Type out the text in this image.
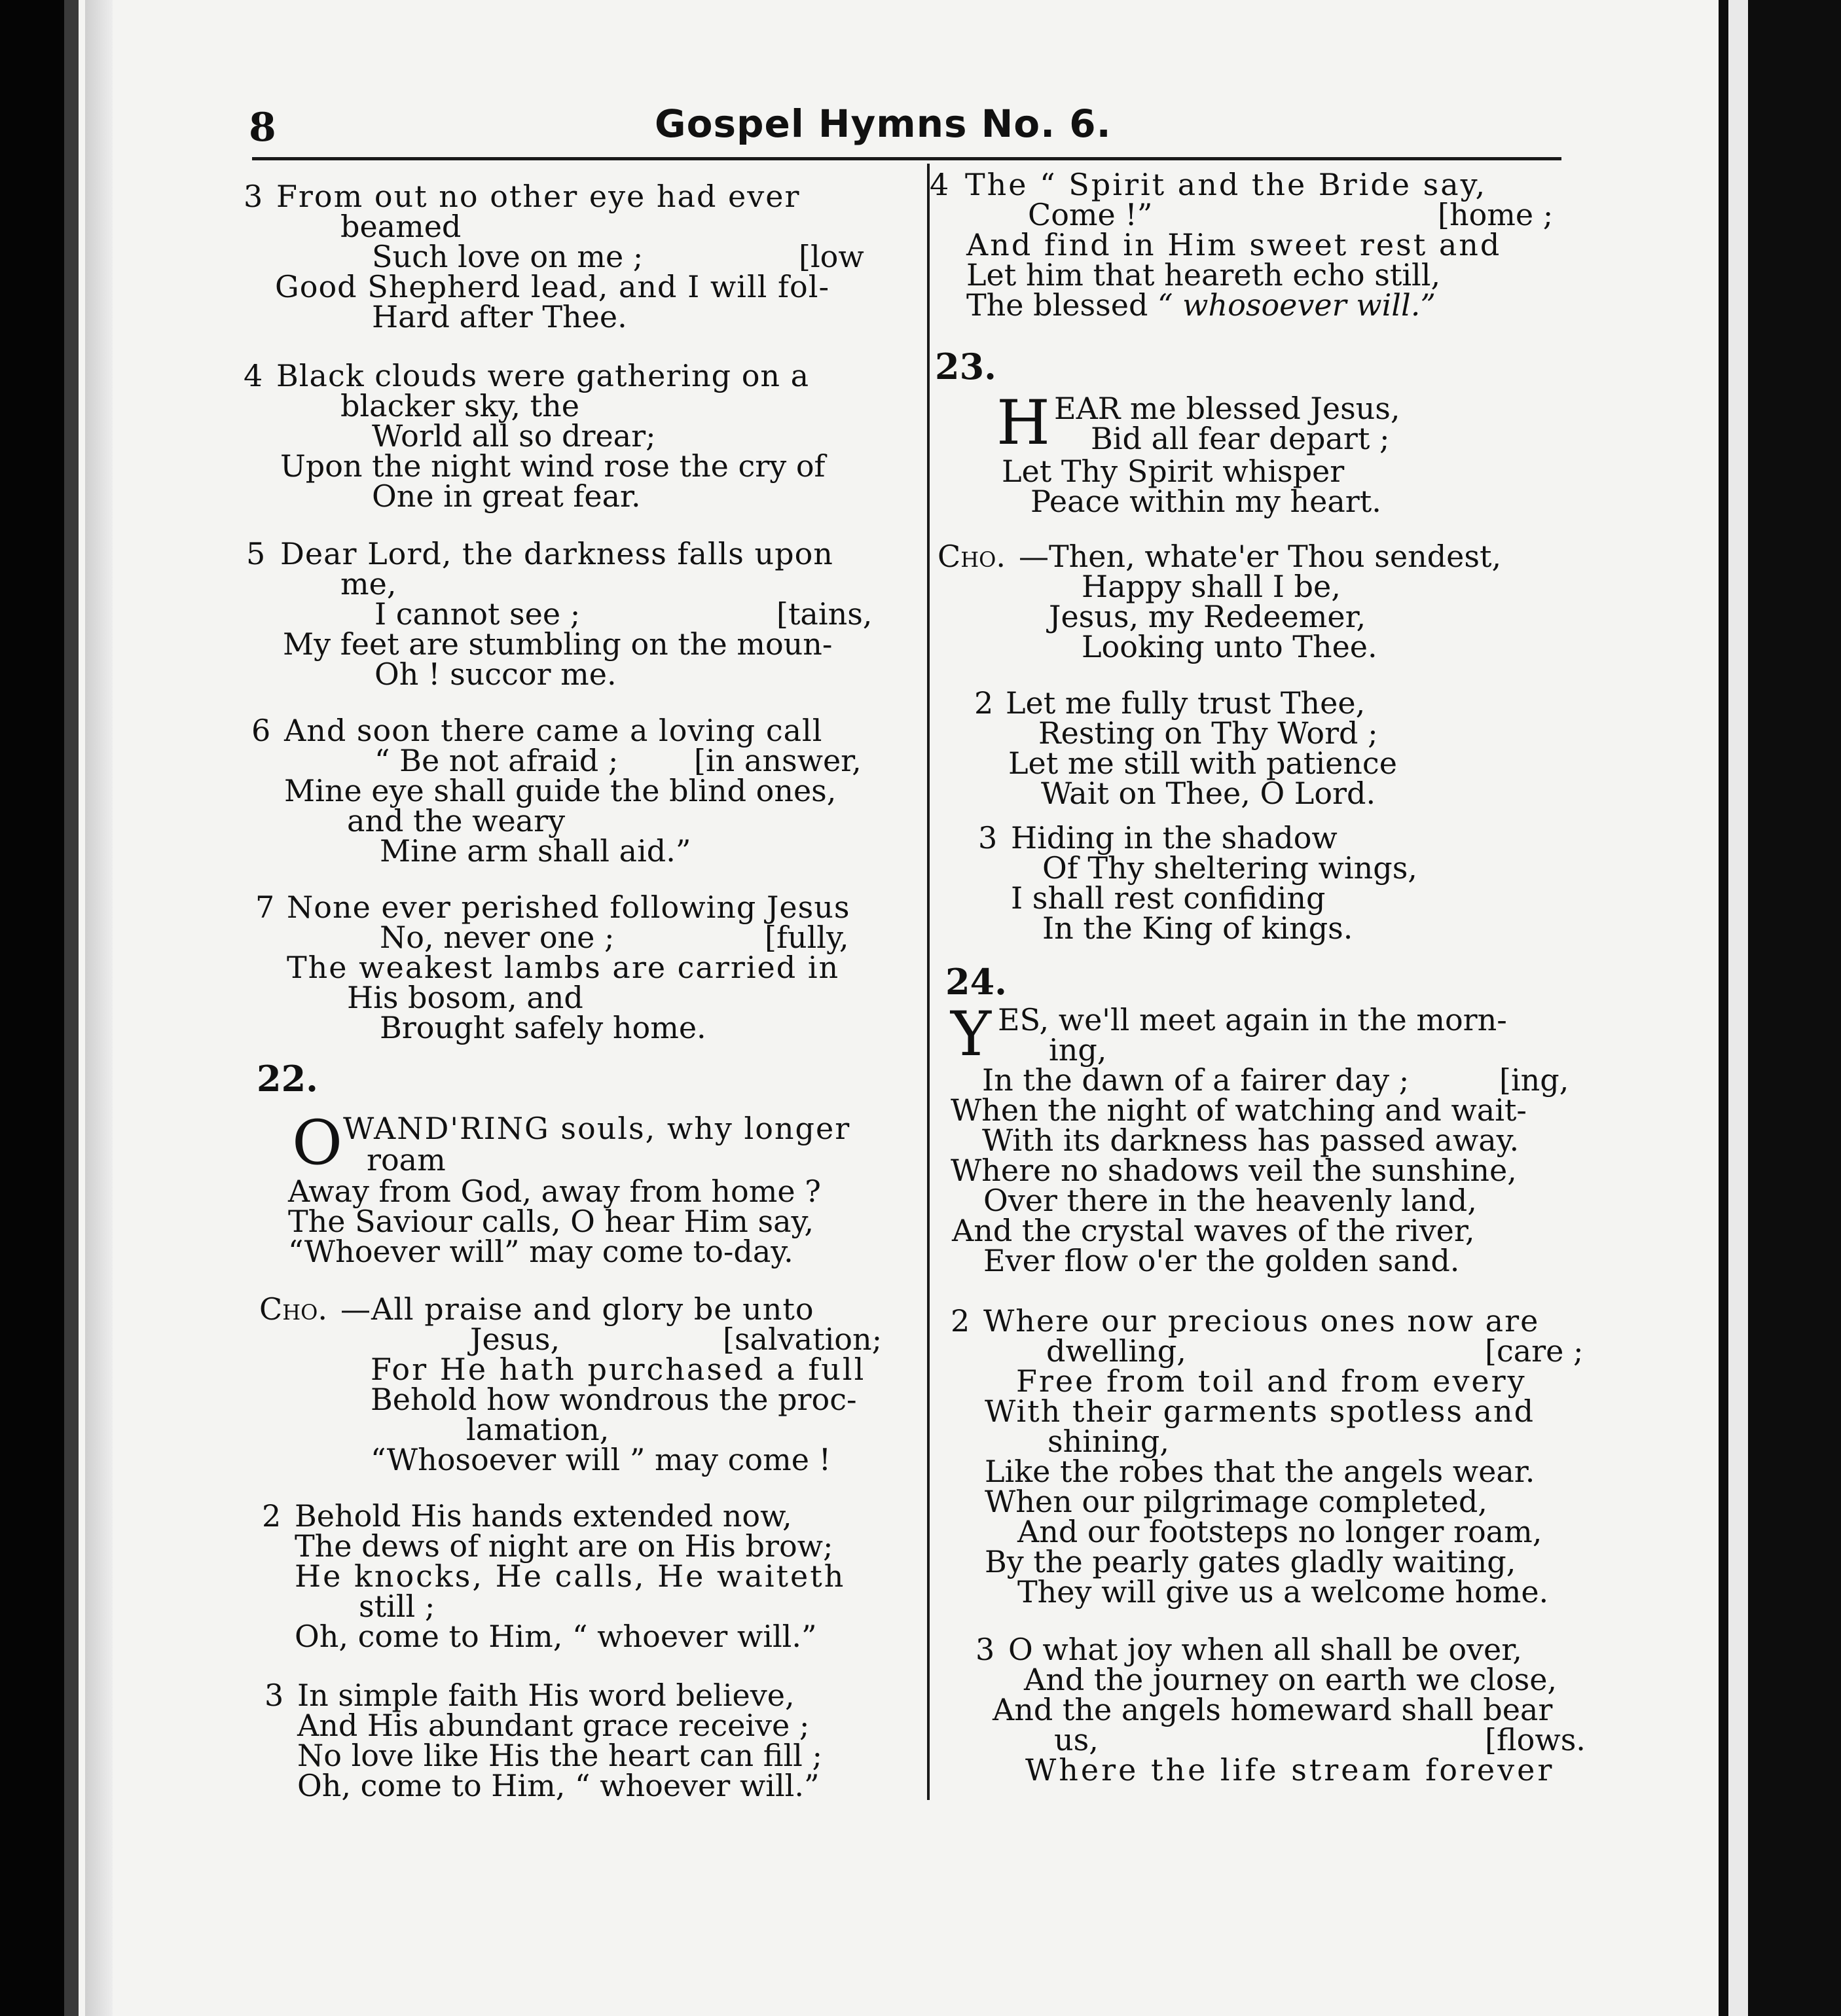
8	Gospel Hymns No. 6.
3 From out no other eye had ever
beamed
Such love on me ;	[low
Good Shepherd lead, and I will fol-
Hard after Thee.
4 Black clouds were gathering on a
blacker sky, the
World all so drear;
Upon the night wind rose the cry of
One in great fear.
5 Dear Lord, the darkness falls upon
me,
I cannot see ;	[tains,
My feet are stumbling on the moun-
Oh ! succor me.
6 And soon there came a loving call
“ Be not afraid ;	[in answer,
Mine eye shall guide the blind ones,
and the weary
Mine arm shall aid.”
7 None ever perished following Jesus
No, never one ;	[fully,
The weakest lambs are carried in
His bosom, and
Brought safely home.
22.
O WAND'RING souls, why longer
roam
Away from God, away from home ?
The Saviour calls, O hear Him say,
“Whoever will” may come to-day.
Cho. —All praise and glory be unto
Jesus,	[salvation;
For He hath purchased a full
Behold how wondrous the proc-
lamation,
“Whosoever will ” may come !
2 Behold His hands extended now,
The dews of night are on His brow;
He knocks, He calls, He waiteth
still ;
Oh, come to Him, “ whoever will.”
3 In simple faith His word believe,
And His abundant grace receive ;
No love like His the heart can fill ;
Oh, come to Him, “ whoever will.”
4 The “ Spirit and the Bride say,
Come !”	[home ;
And find in Him sweet rest and
Let him that heareth echo still,
The blessed “ whosoever will.”
23.
H EAR me blessed Jesus,
Bid all fear depart ;
Let Thy Spirit whisper
Peace within my heart.
Cho. —Then, whate'er Thou sendest,
Happy shall I be,
Jesus, my Redeemer,
Looking unto Thee.
2 Let me fully trust Thee,
Resting on Thy Word ;
Let me still with patience
Wait on Thee, O Lord.
3 Hiding in the shadow
Of Thy sheltering wings,
I shall rest confiding
In the King of kings.
24.
Y ES, we'll meet again in the morn-
ing,
In the dawn of a fairer day ;	[ing,
When the night of watching and wait-
With its darkness has passed away.
Where no shadows veil the sunshine,
Over there in the heavenly land,
And the crystal waves of the river,
Ever flow o'er the golden sand.
2 Where our precious ones now are
dwelling,	[care ;
Free from toil and from every
With their garments spotless and
shining,
Like the robes that the angels wear.
When our pilgrimage completed,
And our footsteps no longer roam,
By the pearly gates gladly waiting,
They will give us a welcome home.
3 O what joy when all shall be over,
And the journey on earth we close,
And the angels homeward shall bear
us,	[flows.
Where the life stream forever
